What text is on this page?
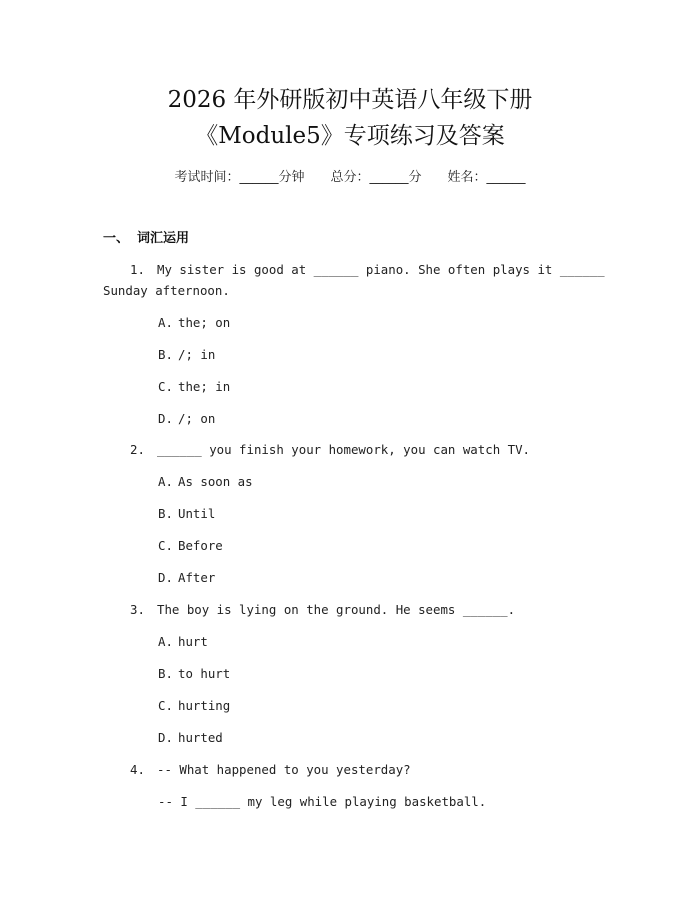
2026 年外研版初中英语八年级下册
《Module5》专项练习及答案
考试时间：______分钟 总分：______分 姓名：______
一、 词汇运用
1. My sister is good at ______ piano. She often plays it ______
Sunday afternoon.
A. the; on
B. /; in
C. the; in
D. /; on
2. ______ you finish your homework, you can watch TV.
A. As soon as
B. Until
C. Before
D. After
3. The boy is lying on the ground. He seems ______.
A. hurt
B. to hurt
C. hurting
D. hurted
4. -- What happened to you yesterday?
-- I ______ my leg while playing basketball.
